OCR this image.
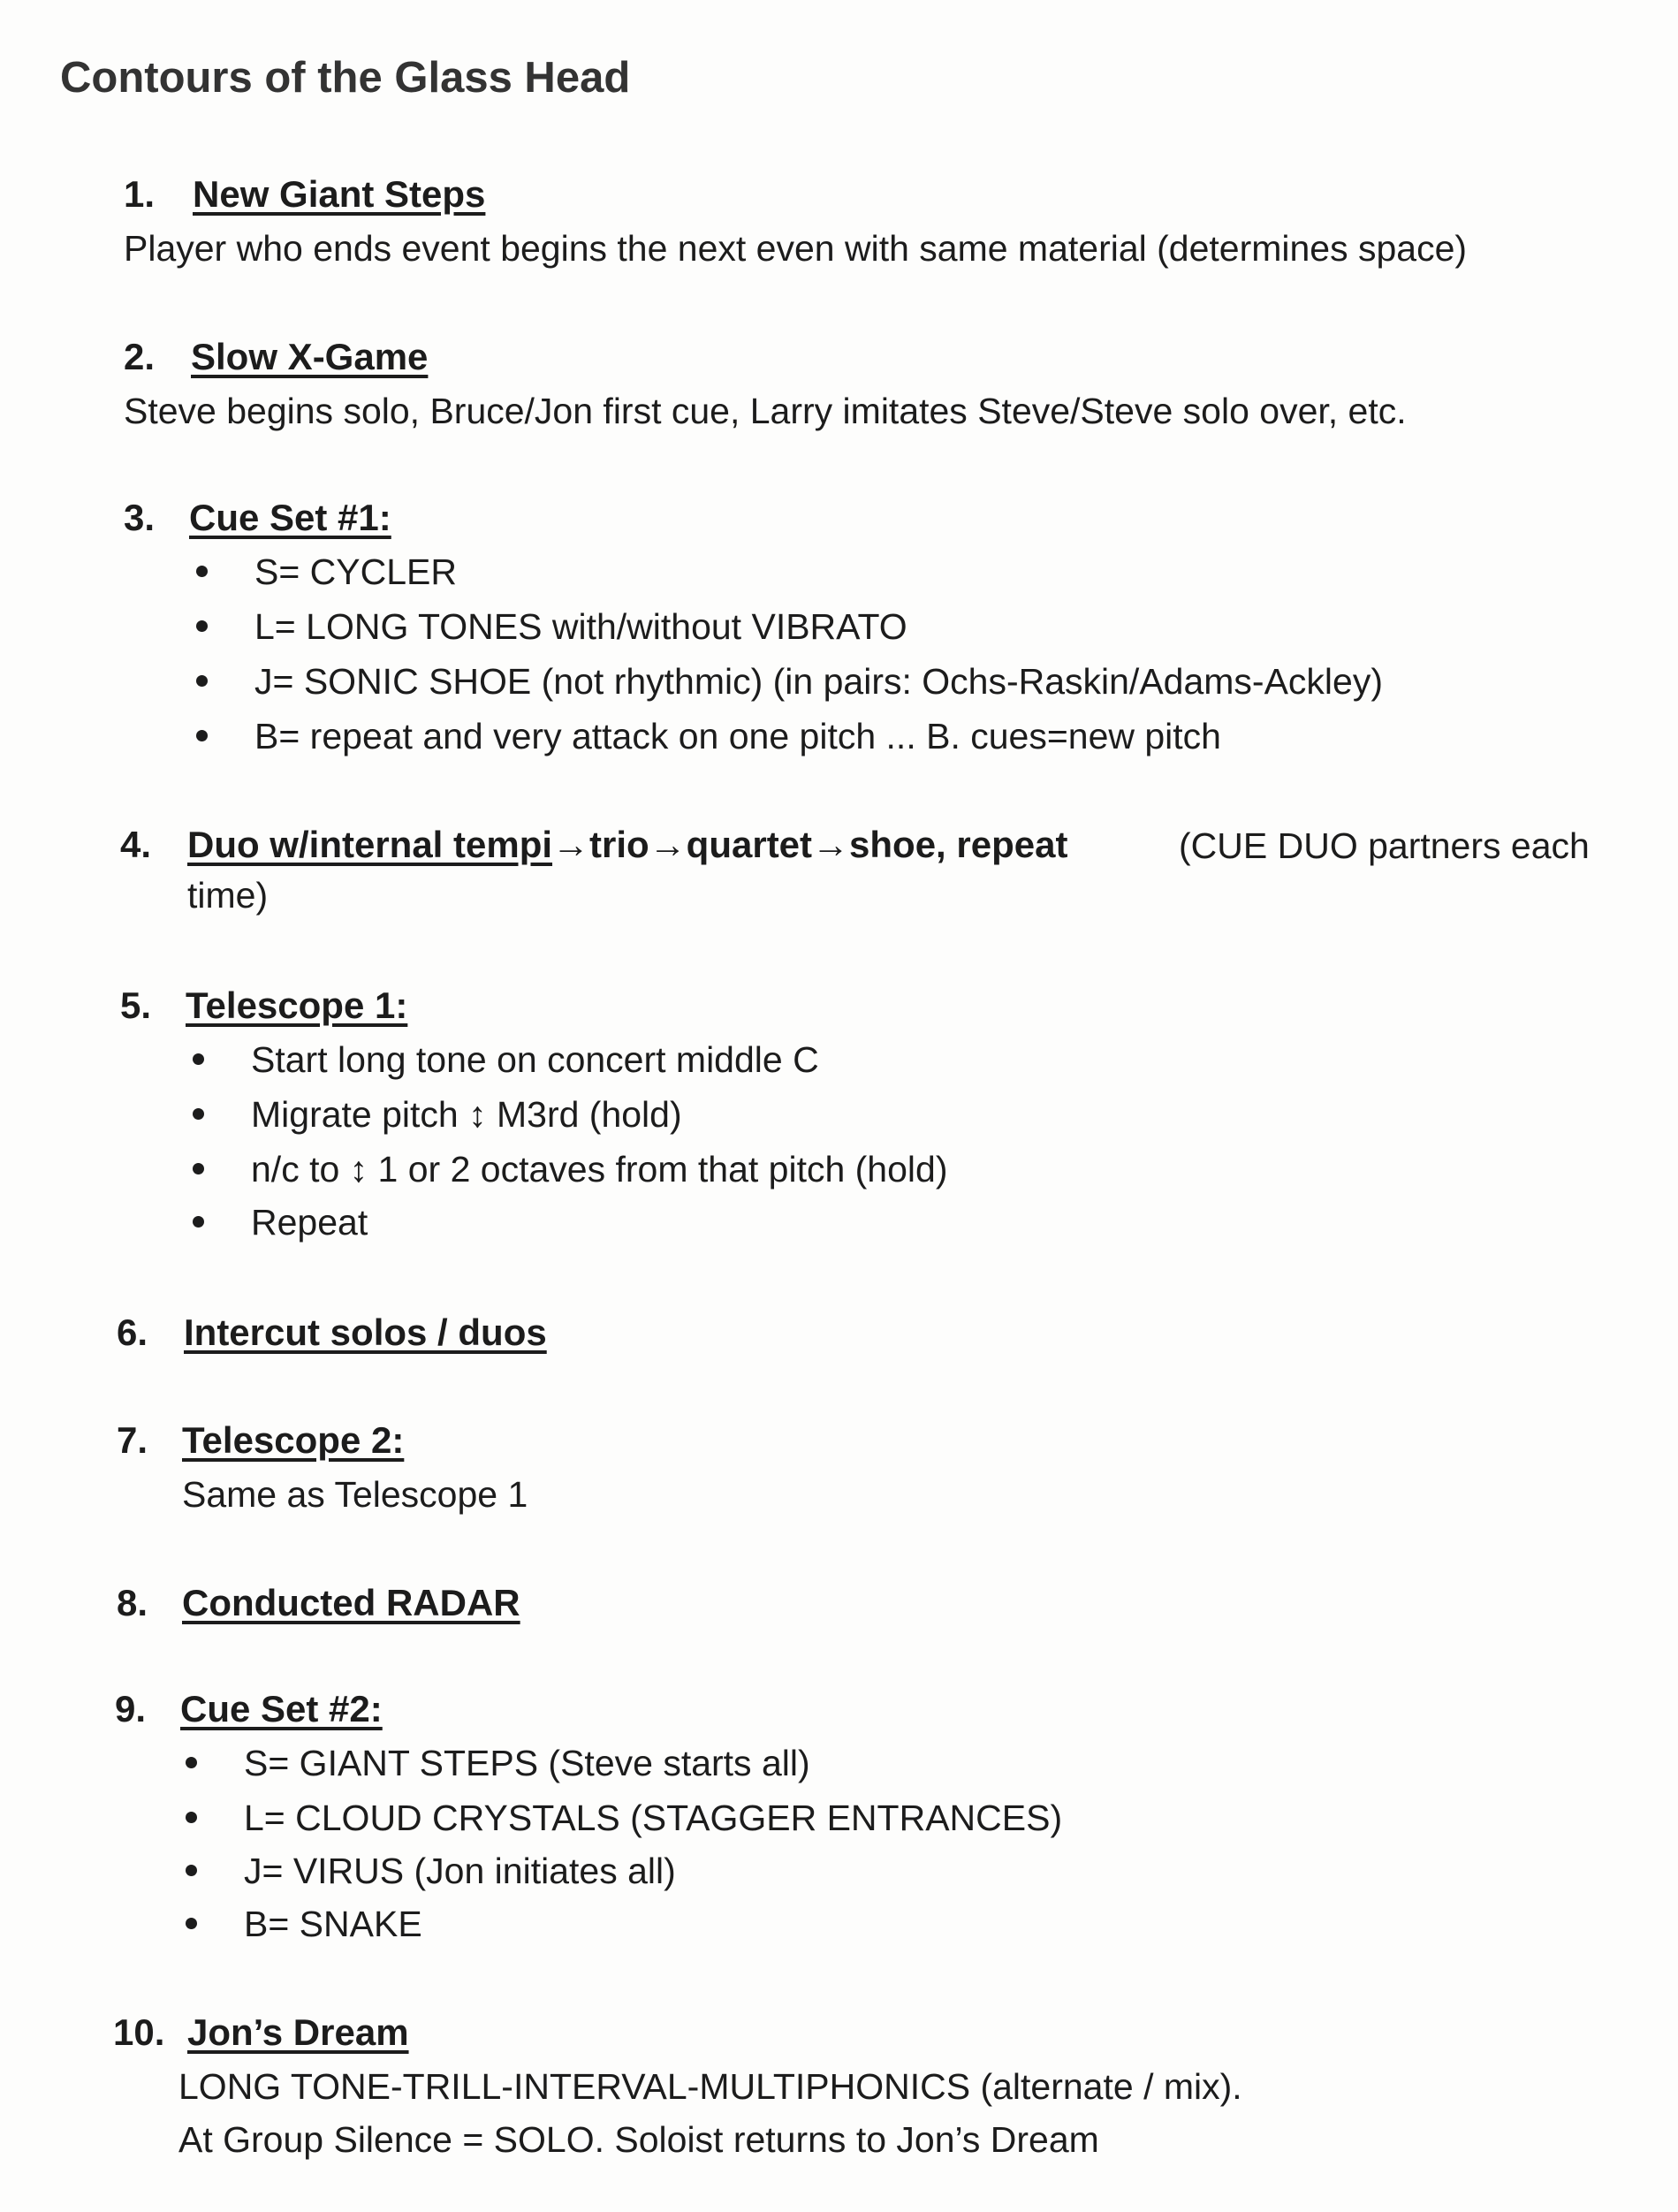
Contours of the Glass Head
1. New Giant Steps
Player who ends event begins the next even with same material (determines space)
2. Slow X-Game
Steve begins solo, Bruce/Jon first cue, Larry imitates Steve/Steve solo over, etc.
3. Cue Set #1:
S= CYCLER
L= LONG TONES with/without VIBRATO
J= SONIC SHOE (not rhythmic) (in pairs: Ochs-Raskin/Adams-Ackley)
B= repeat and very attack on one pitch ... B. cues=new pitch
4. Duo w/internal tempi→trio→quartet→shoe, repeat	(CUE DUO partners each
time)
5. Telescope 1:
Start long tone on concert middle C
Migrate pitch ↕ M3rd (hold)
n/c to ↕ 1 or 2 octaves from that pitch (hold)
Repeat
6. Intercut solos / duos
7. Telescope 2:
Same as Telescope 1
8. Conducted RADAR
9. Cue Set #2:
S= GIANT STEPS (Steve starts all)
L= CLOUD CRYSTALS (STAGGER ENTRANCES)
J= VIRUS (Jon initiates all)
B= SNAKE
10. Jon’s Dream
LONG TONE-TRILL-INTERVAL-MULTIPHONICS (alternate / mix).
At Group Silence = SOLO. Soloist returns to Jon’s Dream
